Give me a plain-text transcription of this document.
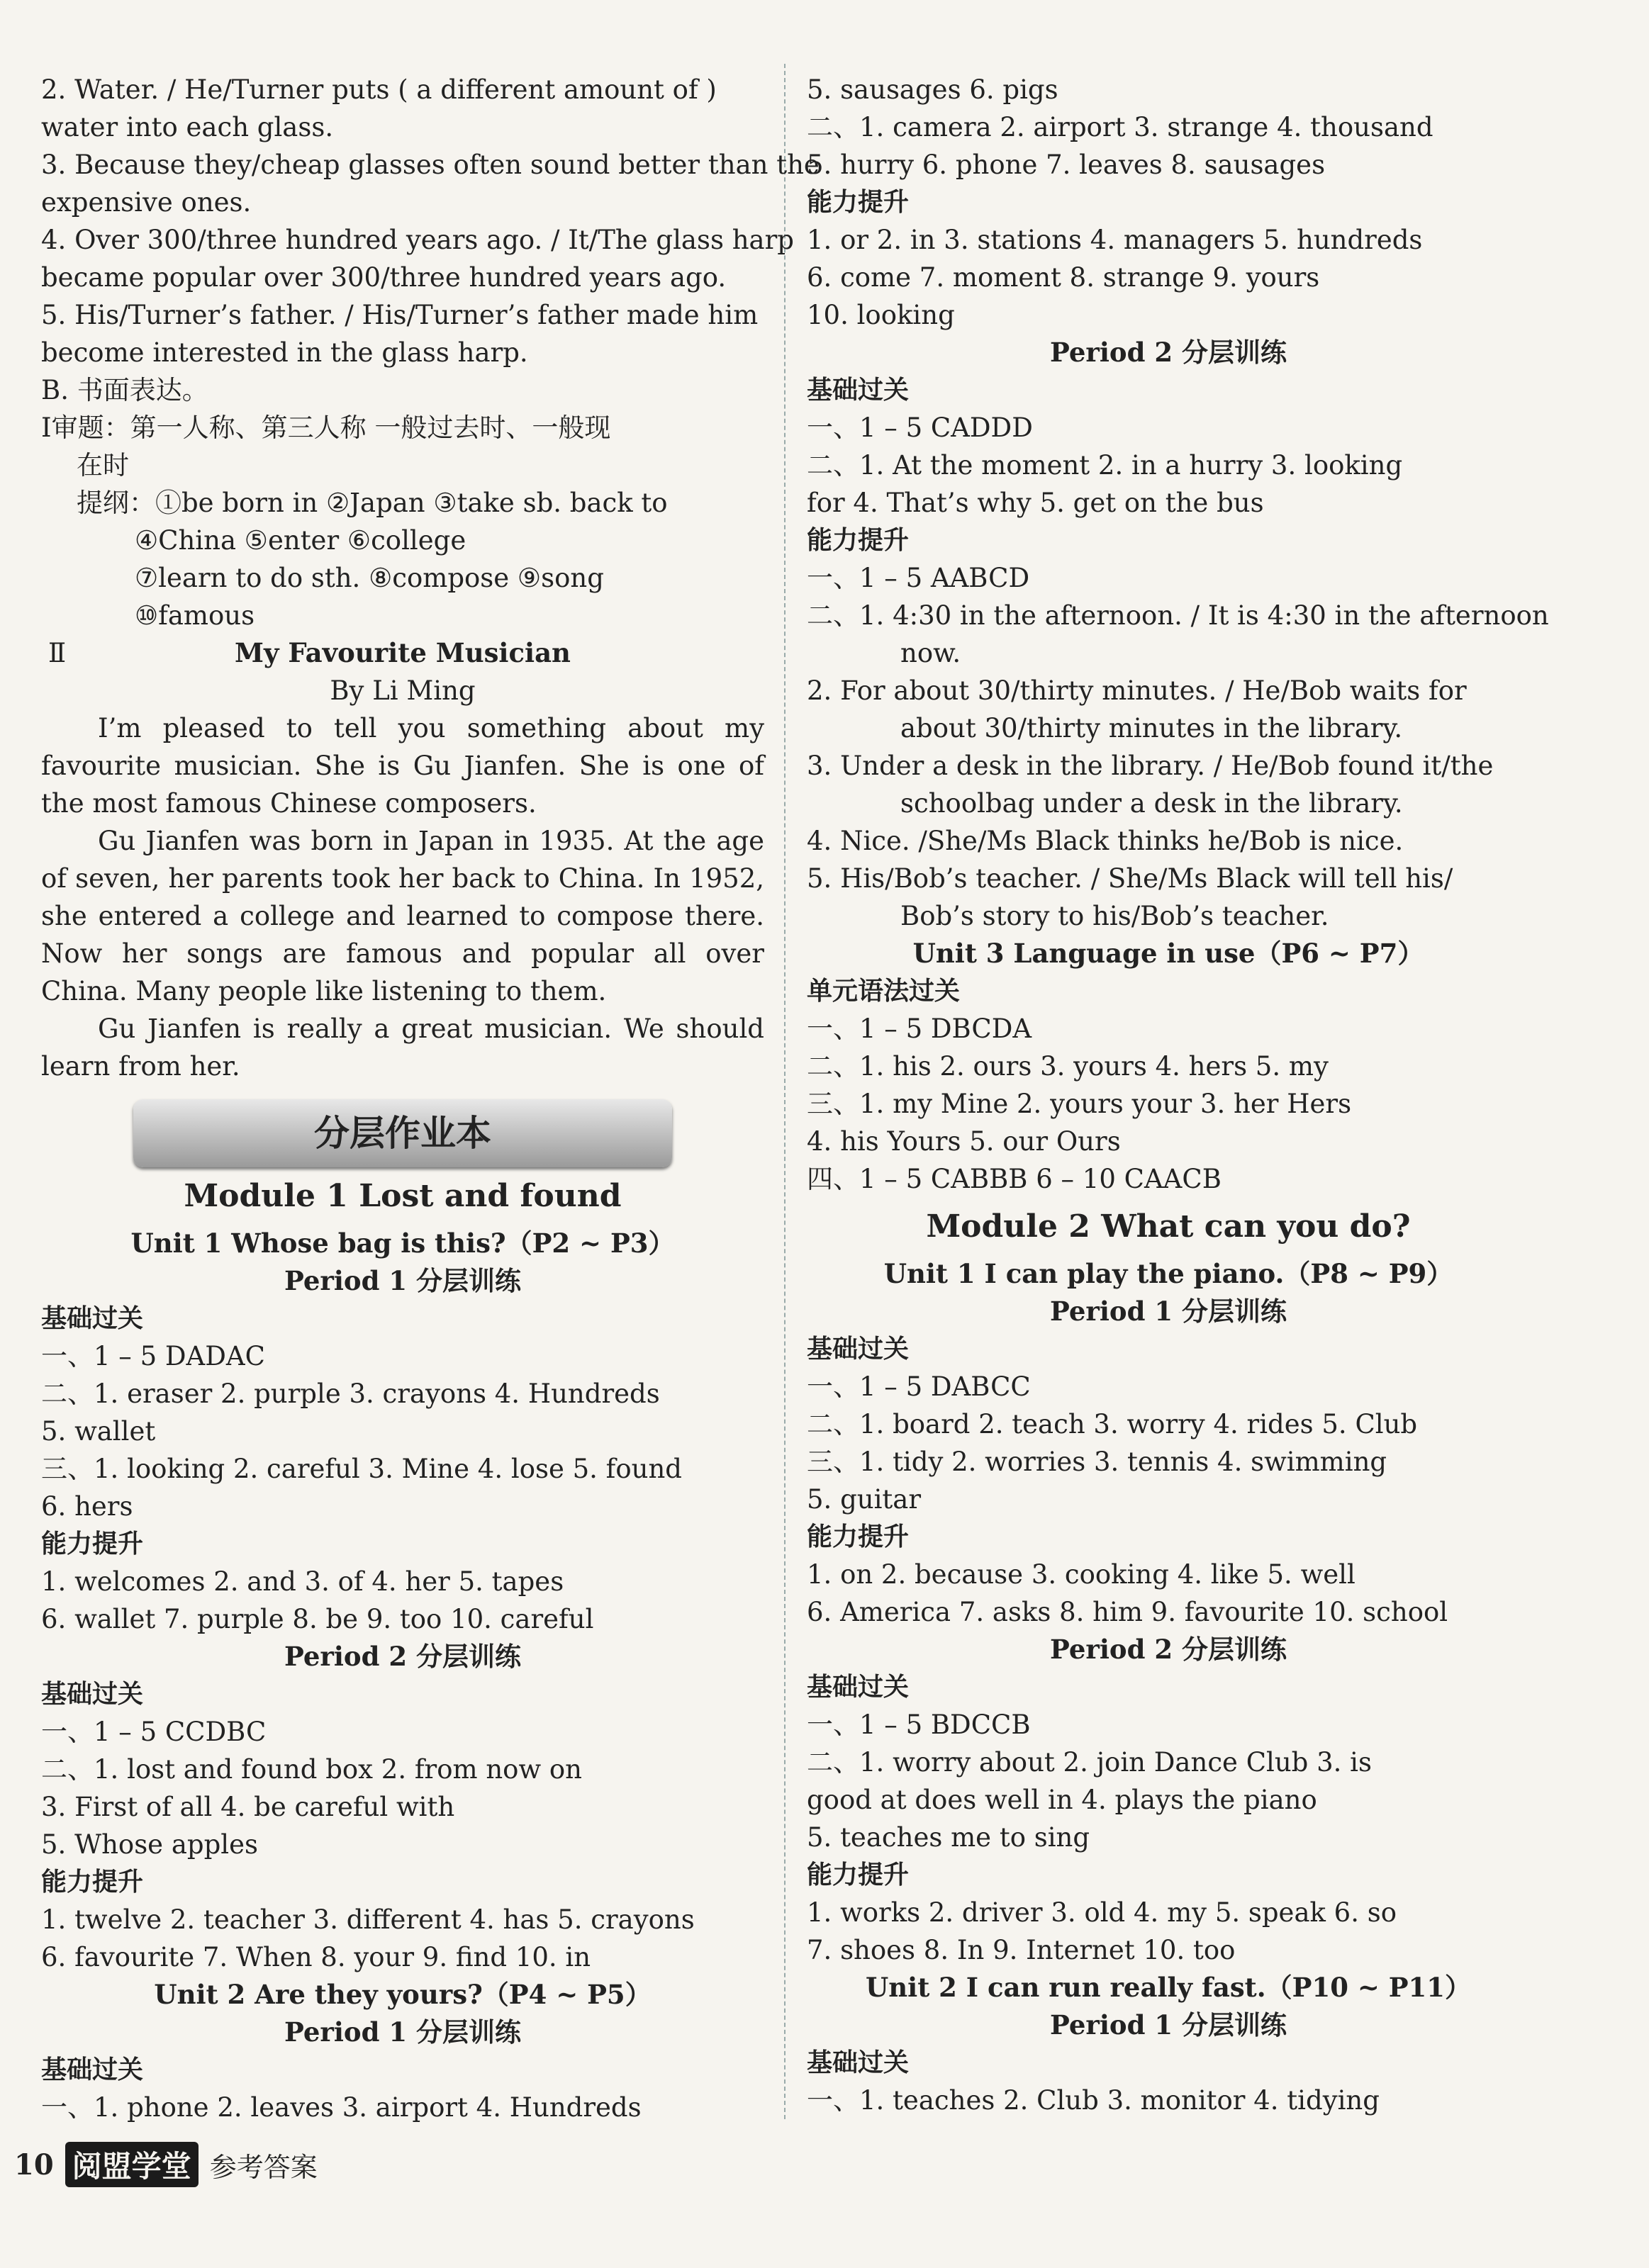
2. Water. / He/Turner puts ( a different amount of )
water into each glass.
3. Because they/cheap glasses often sound better than the
expensive ones.
4. Over 300/three hundred years ago. / It/The glass harp
became popular over 300/three hundred years ago.
5. His/Turner’s father. / His/Turner’s father made him
become interested in the glass harp.
B. 书面表达。
Ⅰ审题：第一人称、第三人称 一般过去时、一般现
在时
提纲：①be born in ②Japan ③take sb. back to
④China ⑤enter ⑥college
⑦learn to do sth. ⑧compose ⑨song
⑩famous
Ⅱ	My Favourite Musician
By Li Ming
I’m pleased to tell you something about my favourite musician. She is Gu Jianfen. She is one of the most famous Chinese composers.
Gu Jianfen was born in Japan in 1935. At the age of seven, her parents took her back to China. In 1952, she entered a college and learned to compose there. Now her songs are famous and popular all over China. Many people like listening to them.
Gu Jianfen is really a great musician. We should learn from her.
分层作业本
Module 1 Lost and found
Unit 1 Whose bag is this?（P2 ~ P3）
Period 1 分层训练
基础过关
一、1 – 5 DADAC
二、1. eraser 2. purple 3. crayons 4. Hundreds
5. wallet
三、1. looking 2. careful 3. Mine 4. lose 5. found
6. hers
能力提升
1. welcomes 2. and 3. of 4. her 5. tapes
6. wallet 7. purple 8. be 9. too 10. careful
Period 2 分层训练
基础过关
一、1 – 5 CCDBC
二、1. lost and found box 2. from now on
3. First of all 4. be careful with
5. Whose apples
能力提升
1. twelve 2. teacher 3. different 4. has 5. crayons
6. favourite 7. When 8. your 9. find 10. in
Unit 2 Are they yours?（P4 ~ P5）
Period 1 分层训练
基础过关
一、1. phone 2. leaves 3. airport 4. Hundreds
5. sausages 6. pigs
二、1. camera 2. airport 3. strange 4. thousand
5. hurry 6. phone 7. leaves 8. sausages
能力提升
1. or 2. in 3. stations 4. managers 5. hundreds
6. come 7. moment 8. strange 9. yours
10. looking
Period 2 分层训练
基础过关
一、1 – 5 CADDD
二、1. At the moment 2. in a hurry 3. looking
for 4. That’s why 5. get on the bus
能力提升
一、1 – 5 AABCD
二、1. 4:30 in the afternoon. / It is 4:30 in the afternoon
now.
2. For about 30/thirty minutes. / He/Bob waits for
about 30/thirty minutes in the library.
3. Under a desk in the library. / He/Bob found it/the
schoolbag under a desk in the library.
4. Nice. /She/Ms Black thinks he/Bob is nice.
5. His/Bob’s teacher. / She/Ms Black will tell his/
Bob’s story to his/Bob’s teacher.
Unit 3 Language in use（P6 ~ P7）
单元语法过关
一、1 – 5 DBCDA
二、1. his 2. ours 3. yours 4. hers 5. my
三、1. my Mine 2. yours your 3. her Hers
4. his Yours 5. our Ours
四、1 – 5 CABBB 6 – 10 CAACB
Module 2 What can you do?
Unit 1 I can play the piano.（P8 ~ P9）
Period 1 分层训练
基础过关
一、1 – 5 DABCC
二、1. board 2. teach 3. worry 4. rides 5. Club
三、1. tidy 2. worries 3. tennis 4. swimming
5. guitar
能力提升
1. on 2. because 3. cooking 4. like 5. well
6. America 7. asks 8. him 9. favourite 10. school
Period 2 分层训练
基础过关
一、1 – 5 BDCCB
二、1. worry about 2. join Dance Club 3. is
good at does well in 4. plays the piano
5. teaches me to sing
能力提升
1. works 2. driver 3. old 4. my 5. speak 6. so
7. shoes 8. In 9. Internet 10. too
Unit 2 I can run really fast.（P10 ~ P11）
Period 1 分层训练
基础过关
一、1. teaches 2. Club 3. monitor 4. tidying
10 阅盟学堂 参考答案
